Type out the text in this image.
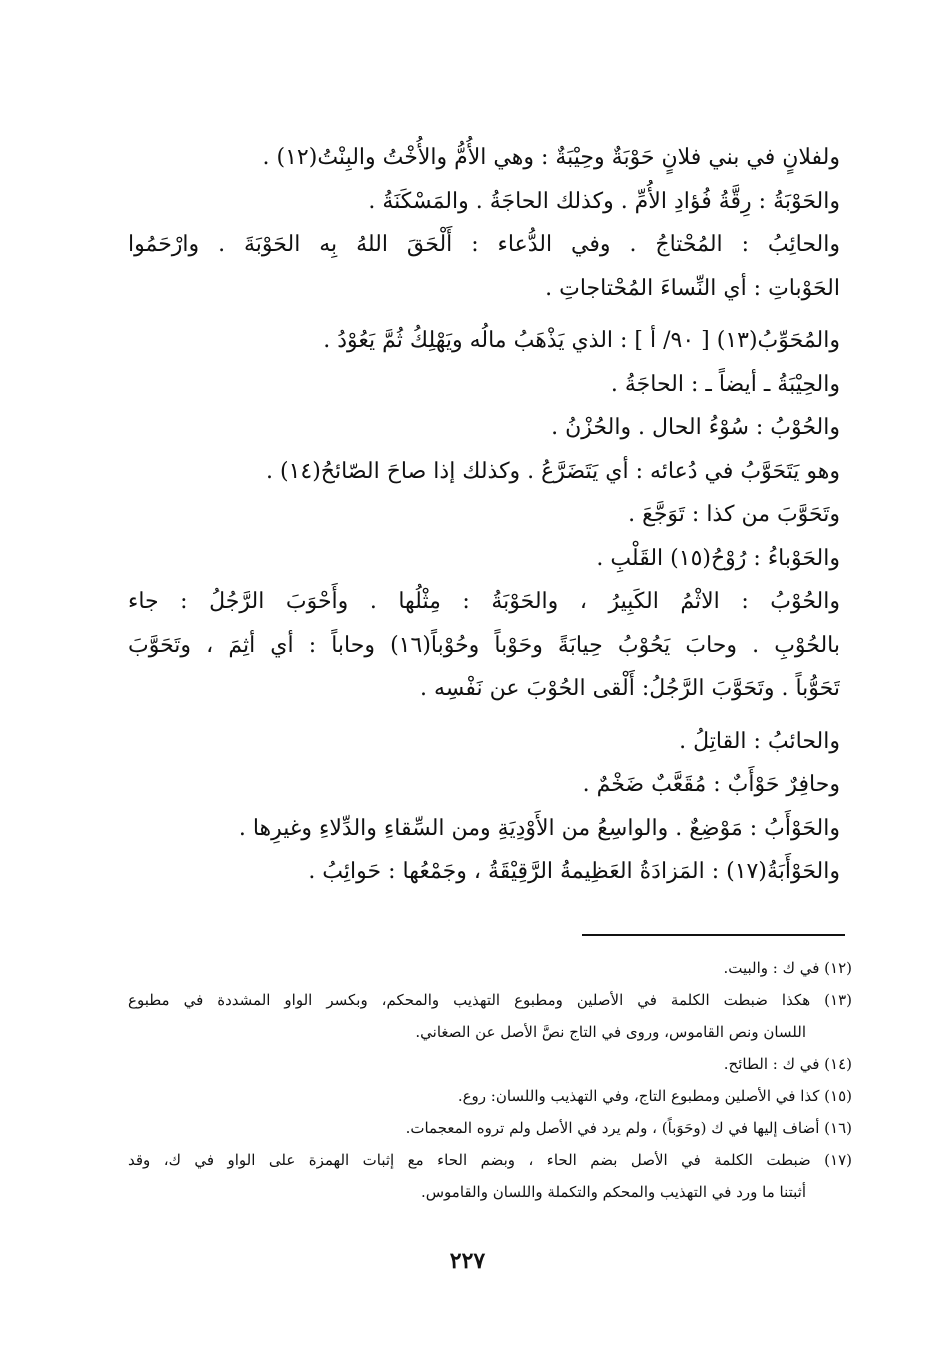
ولفلانٍ في بني فلانٍ حَوْبَةٌ وحِيْبَةٌ : وهي الأُمُّ والأُخْتُ والبِنْتُ(١٢) .
والحَوْبَةُ : رِقَّةُ فُؤادِ الأُمِّ . وكذلك الحاجَةُ . والمَسْكَنَةُ .
والحائِبُ : المُحْتاجُ . وفي الدُّعاء : أَلْحَقَ اللهُ بِه الحَوْبَةَ . وارْحَمُوا
الحَوْباتِ : أي النِّساءَ المُحْتاجاتِ .
والمُحَوِّبُ(١٣) [ ٩٠/ أ ] : الذي يَذْهَبُ مالُه ويَهْلِكُ ثُمَّ يَعُوْدُ .
والحِيْبَةُ ـ أيضاً ـ : الحاجَةُ .
والحُوْبُ : سُوْءُ الحال . والحُزْنُ .
وهو يَتَحَوَّبُ في دُعائه : أي يَتَضَرَّعُ . وكذلك إذا صاحَ الصّائحُ(١٤) .
وتَحَوَّبَ من كذا : تَوَجَّعَ .
والحَوْباءُ : رُوْحُ(١٥) القَلْبِ .
والحُوْبُ : الاثْمُ الكَبِيرُ ، والحَوْبَةُ : مِثْلُها . وأَحْوَبَ الرَّجُلُ : جاء
بالحُوْبِ . وحابَ يَحُوْبُ حِيابَةً وحَوْباً وحُوْباً(١٦) وحاباً : أي أثِمَ ، وتَحَوَّبَ
تَحَوُّباً . وتَحَوَّبَ الرَّجُلُ: أَلْقى الحُوْبَ عن نَفْسِه .
والحائبُ : القاتِلُ .
وحافِرٌ حَوْأَبٌ : مُقَعَّبٌ ضَخْمٌ .
والحَوْأَبُ : مَوْضِعٌ . والواسِعُ من الأَوْدِيَةِ ومن السِّقاءِ والدِّلاءِ وغيرِها .
والحَوْأَبَةُ(١٧) : المَزادَةُ العَظِيمةُ الرَّقِيْقَةُ ، وجَمْعُها : حَوائِبُ .
(١٢) في ك : والبيت.
(١٣) هكذا ضبطت الكلمة في الأصلين ومطبوع التهذيب والمحكم، وبكسر الواو المشددة في مطبوع
اللسان ونص القاموس، وروى في التاج نصَّ الأصل عن الصغاني.
(١٤) في ك : الطائح.
(١٥) كذا في الأصلين ومطبوع التاج، وفي التهذيب واللسان: روع.
(١٦) أضاف إليها في ك (وحَوَباً) ، ولم يرد في الأصل ولم تروه المعجمات.
(١٧) ضبطت الكلمة في الأصل بضم الحاء ، وبضم الحاء مع إثبات الهمزة على الواو في ك، وقد
أثبتنا ما ورد في التهذيب والمحكم والتكملة واللسان والقاموس.
٢٢٧
